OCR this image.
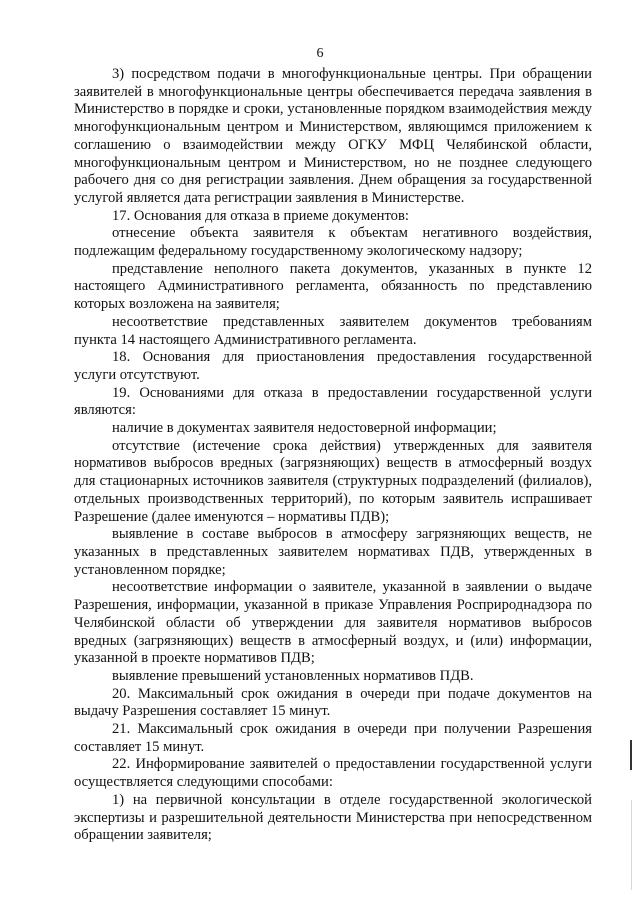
6

3) посредством подачи в многофункциональные центры. При обращении заявителей в многофункциональные центры обеспечивается передача заявления в Министерство в порядке и сроки, установленные порядком взаимодействия между многофункциональным центром и Министерством, являющимся приложением к соглашению о взаимодействии между ОГКУ МФЦ Челябинской области, многофункциональным центром и Министерством, но не позднее следующего рабочего дня со дня регистрации заявления. Днем обращения за государственной услугой является дата регистрации заявления в Министерстве.

17. Основания для отказа в приеме документов:

отнесение объекта заявителя к объектам негативного воздействия, подлежащим федеральному государственному экологическому надзору;

представление неполного пакета документов, указанных в пункте 12 настоящего Административного регламента, обязанность по представлению которых возложена на заявителя;

несоответствие представленных заявителем документов требованиям пункта 14 настоящего Административного регламента.

18. Основания для приостановления предоставления государственной услуги отсутствуют.

19. Основаниями для отказа в предоставлении государственной услуги являются:

наличие в документах заявителя недостоверной информации;

отсутствие (истечение срока действия) утвержденных для заявителя нормативов выбросов вредных (загрязняющих) веществ в атмосферный воздух для стационарных источников заявителя (структурных подразделений (филиалов), отдельных производственных территорий), по которым заявитель испрашивает Разрешение (далее именуются – нормативы ПДВ);

выявление в составе выбросов в атмосферу загрязняющих веществ, не указанных в представленных заявителем нормативах ПДВ, утвержденных в установленном порядке;

несоответствие информации о заявителе, указанной в заявлении о выдаче Разрешения, информации, указанной в приказе Управления Росприроднадзора по Челябинской области об утверждении для заявителя нормативов выбросов вредных (загрязняющих) веществ в атмосферный воздух, и (или) информации, указанной в проекте нормативов ПДВ;

выявление превышений установленных нормативов ПДВ.

20. Максимальный срок ожидания в очереди при подаче документов на выдачу Разрешения составляет 15 минут.

21. Максимальный срок ожидания в очереди при получении Разрешения составляет 15 минут.

22. Информирование заявителей о предоставлении государственной услуги осуществляется следующими способами:

1) на первичной консультации в отделе государственной экологической экспертизы и разрешительной деятельности Министерства при непосредственном обращении заявителя;
